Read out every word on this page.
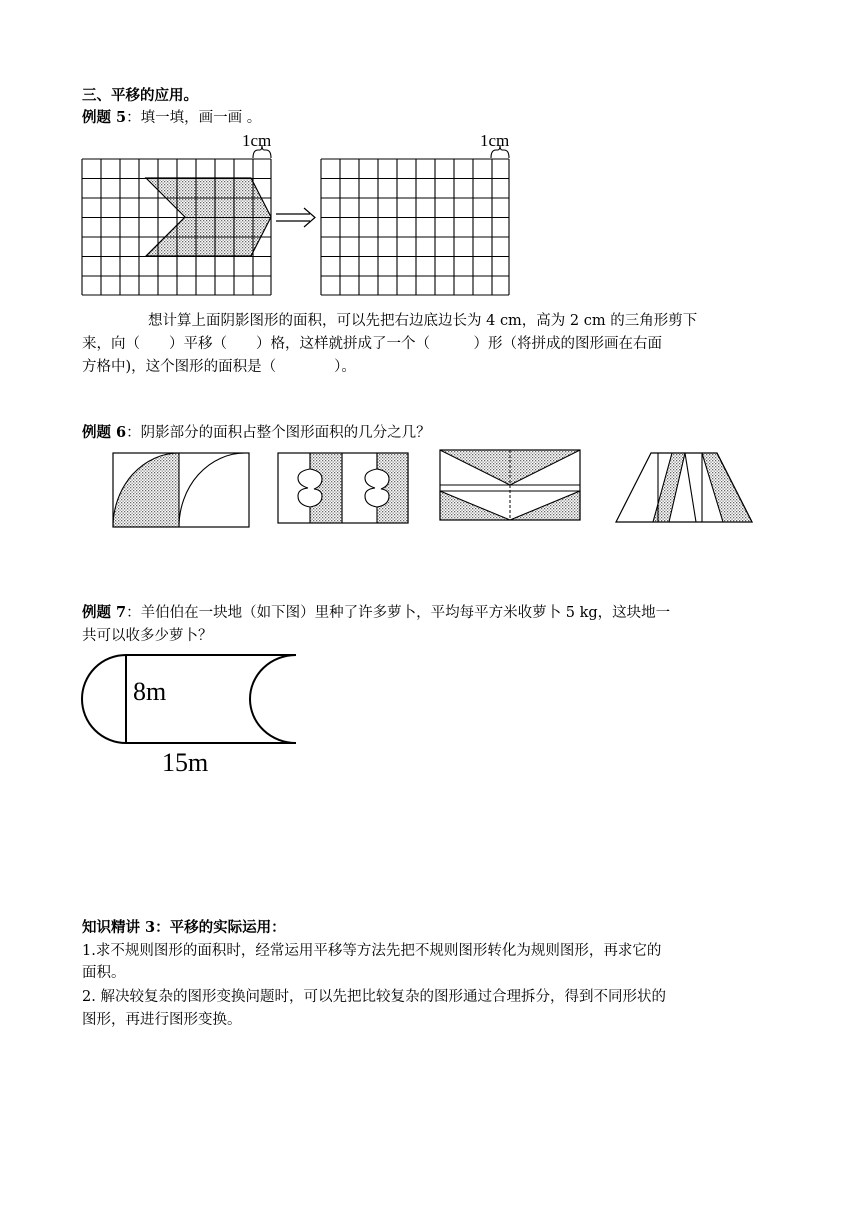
三、平移的应用。
例题 5：填一填，画一画 。
1cm	1cm
想计算上面阴影图形的面积，可以先把右边底边长为 4 cm，高为 2 cm 的三角形剪下
来，向（　　）平移（　　）格，这样就拼成了一个（　　　）形（将拼成的图形画在右面
方格中)，这个图形的面积是（　　　　）。
例题 6：阴影部分的面积占整个图形面积的几分之几？
例题 7：羊伯伯在一块地（如下图）里种了许多萝卜，平均每平方米收萝卜 5 kg，这块地一
共可以收多少萝卜？
8m
15m
知识精讲 3：平移的实际运用：
1.求不规则图形的面积时，经常运用平移等方法先把不规则图形转化为规则图形，再求它的
面积。
2. 解决较复杂的图形变换问题时，可以先把比较复杂的图形通过合理拆分，得到不同形状的
图形，再进行图形变换。
